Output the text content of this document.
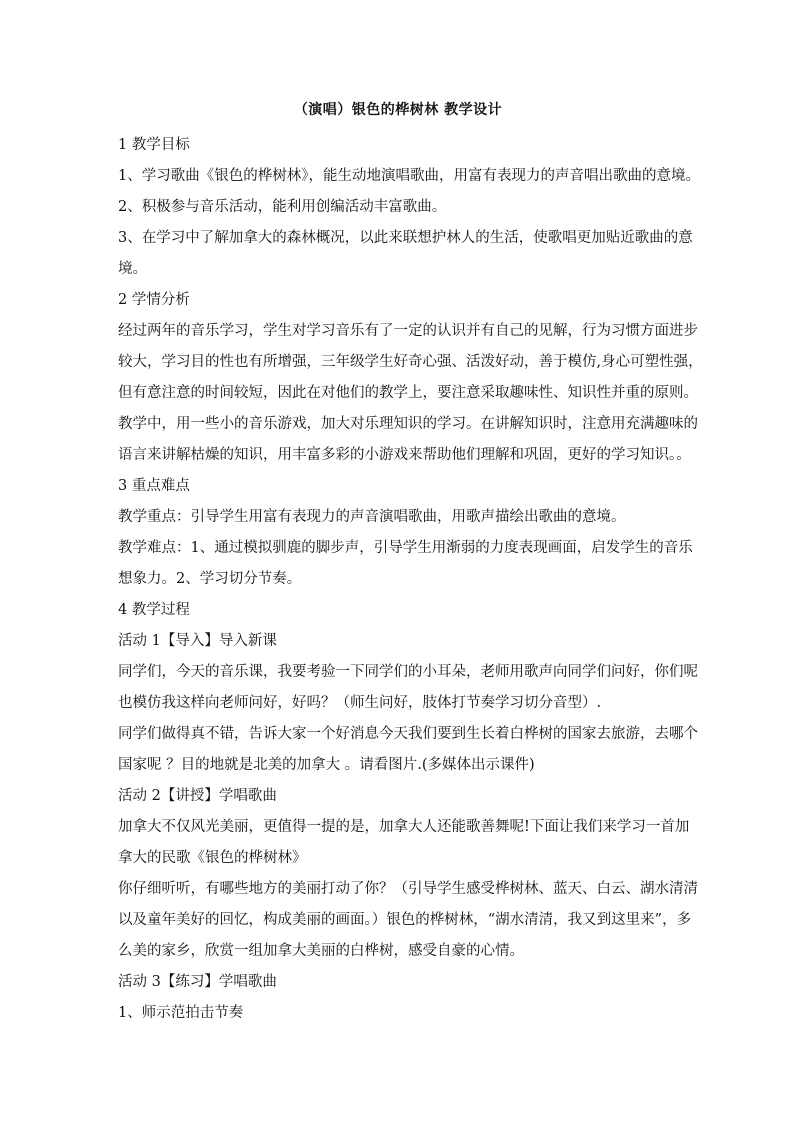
（演唱）银色的桦树林 教学设计
1 教学目标
1、学习歌曲《银色的桦树林》，能生动地演唱歌曲，用富有表现力的声音唱出歌曲的意境。
2、积极参与音乐活动，能利用创编活动丰富歌曲。
3、在学习中了解加拿大的森林概况，以此来联想护林人的生活，使歌唱更加贴近歌曲的意
境。
2 学情分析
经过两年的音乐学习，学生对学习音乐有了一定的认识并有自己的见解，行为习惯方面进步
较大，学习目的性也有所增强，三年级学生好奇心强、活泼好动，善于模仿,身心可塑性强，
但有意注意的时间较短，因此在对他们的教学上，要注意采取趣味性、知识性并重的原则。
教学中，用一些小的音乐游戏，加大对乐理知识的学习。在讲解知识时，注意用充满趣味的
语言来讲解枯燥的知识，用丰富多彩的小游戏来帮助他们理解和巩固，更好的学习知识。。
3 重点难点
教学重点：引导学生用富有表现力的声音演唱歌曲，用歌声描绘出歌曲的意境。
教学难点：1、通过模拟驯鹿的脚步声，引导学生用渐弱的力度表现画面，启发学生的音乐
想象力。2、学习切分节奏。
4 教学过程
活动 1【导入】导入新课
同学们，今天的音乐课，我要考验一下同学们的小耳朵，老师用歌声向同学们问好，你们呢
也模仿我这样向老师问好，好吗？（师生问好，肢体打节奏学习切分音型）.
同学们做得真不错，告诉大家一个好消息今天我们要到生长着白桦树的国家去旅游，去哪个
国家呢 ？目的地就是北美的加拿大 。请看图片.(多媒体出示课件)
活动 2【讲授】学唱歌曲
加拿大不仅风光美丽，更值得一提的是，加拿大人还能歌善舞呢!下面让我们来学习一首加
拿大的民歌《银色的桦树林》
你仔细听听，有哪些地方的美丽打动了你？（引导学生感受桦树林、蓝天、白云、湖水清清
以及童年美好的回忆，构成美丽的画面。）银色的桦树林，“湖水清清，我又到这里来”，多
么美的家乡，欣赏一组加拿大美丽的白桦树，感受自豪的心情。
活动 3【练习】学唱歌曲
1、师示范拍击节奏
